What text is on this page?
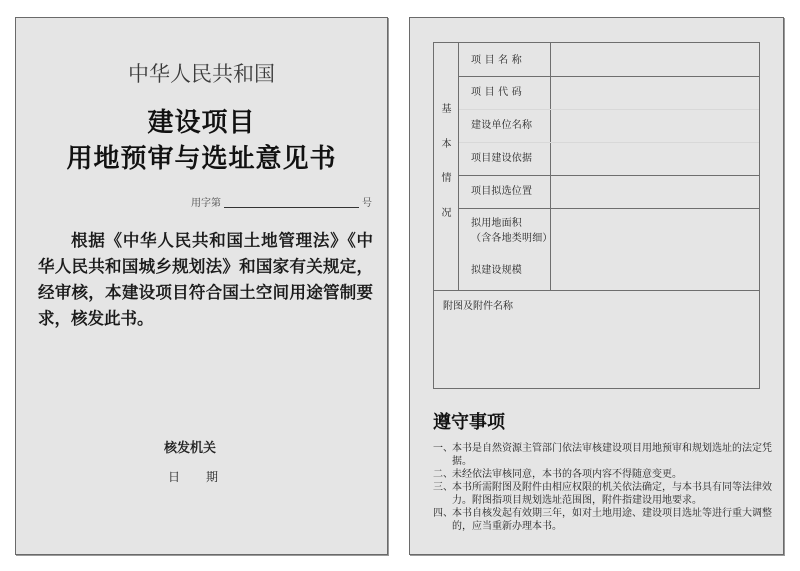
中华人民共和国
建设项目
用地预审与选址意见书
用字第	号
根据《中华人民共和国土地管理法》《中华人民共和国城乡规划法》和国家有关规定，经审核，本建设项目符合国土空间用途管制要求，核发此书。
核发机关
日 期
基
本
情
况
项 目 名 称
项 目 代 码
建设单位名称
项目建设依据
项目拟选位置
拟用地面积
（含各地类明细）
拟建设规模
附图及附件名称
遵守事项
一、 本书是自然资源主管部门依法审核建设项目用地预审和规划选址的法定凭据。
二、 未经依法审核同意，本书的各项内容不得随意变更。
三、 本书所需附图及附件由相应权限的机关依法确定，与本书具有同等法律效力。附图指项目规划选址范围图，附件指建设用地要求。
四、 本书自核发起有效期三年，如对土地用途、建设项目选址等进行重大调整的，应当重新办理本书。
